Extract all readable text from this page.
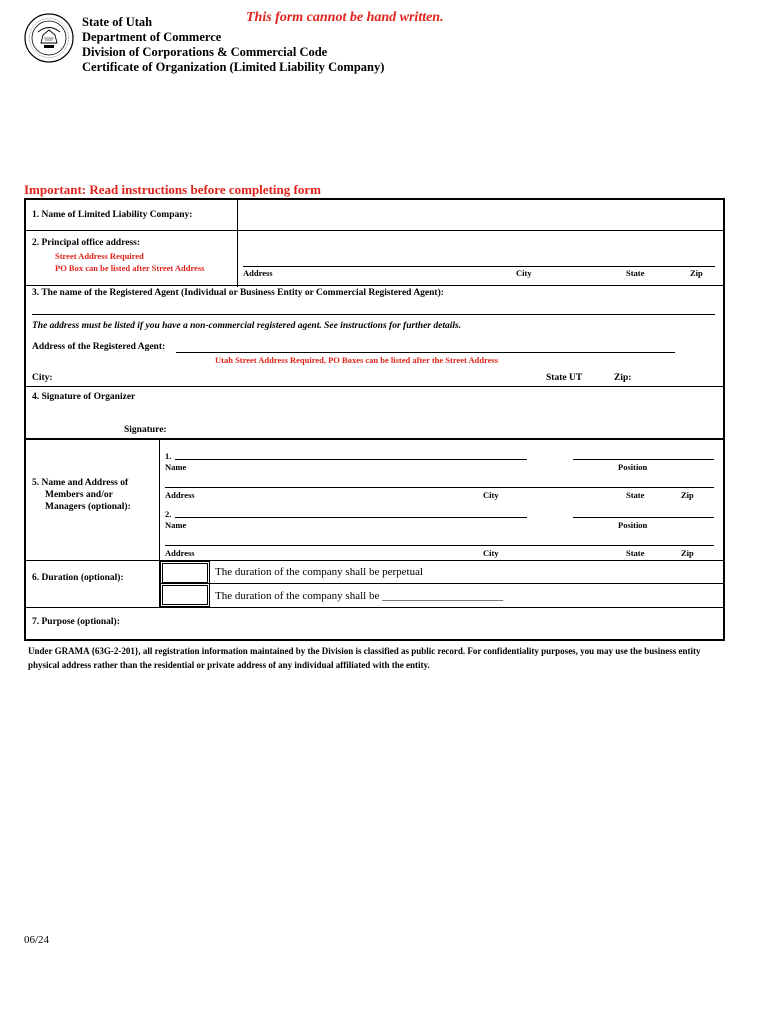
This form cannot be hand written.
State of Utah
Department of Commerce
Division of Corporations & Commercial Code
Certificate of Organization (Limited Liability Company)
Important: Read instructions before completing form
1. Name of Limited Liability Company:
2. Principal office address:
Street Address Required
PO Box can be listed after Street Address	Address	City	State	Zip
3. The name of the Registered Agent (Individual or Business Entity or Commercial Registered Agent):
The address must be listed if you have a non-commercial registered agent. See instructions for further details.
Address of the Registered Agent:
Utah Street Address Required, PO Boxes can be listed after the Street Address
City:	State UT	Zip:
4. Signature of Organizer
Signature:
5. Name and Address of
Members and/or
Managers (optional):
1.
Name	Position
Address	City	State	Zip
2.
Name	Position
Address	City	State	Zip
6. Duration (optional):	The duration of the company shall be perpetual
The duration of the company shall be ______________________
7. Purpose (optional):
Under GRAMA {63G-2-201}, all registration information maintained by the Division is classified as public record. For confidentiality purposes, you may use the business entity physical address rather than the residential or private address of any individual affiliated with the entity.
06/24
